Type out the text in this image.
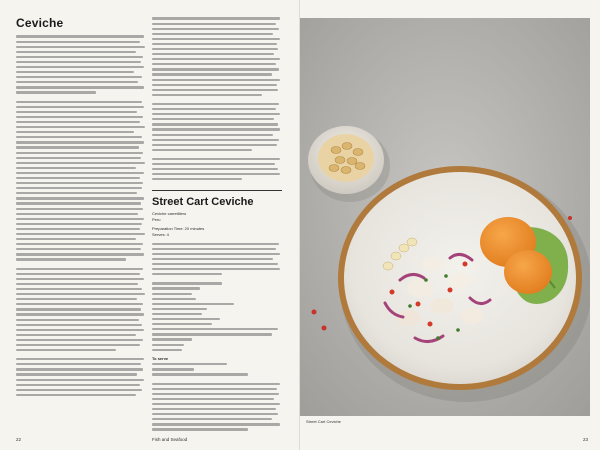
Ceviche
Street Cart Ceviche
Ceviche carretillero
Peru
Preparation Time: 20 minutes
Serves: 4
To serve
22	Fish and Seafood	23
Street Cart Ceviche
